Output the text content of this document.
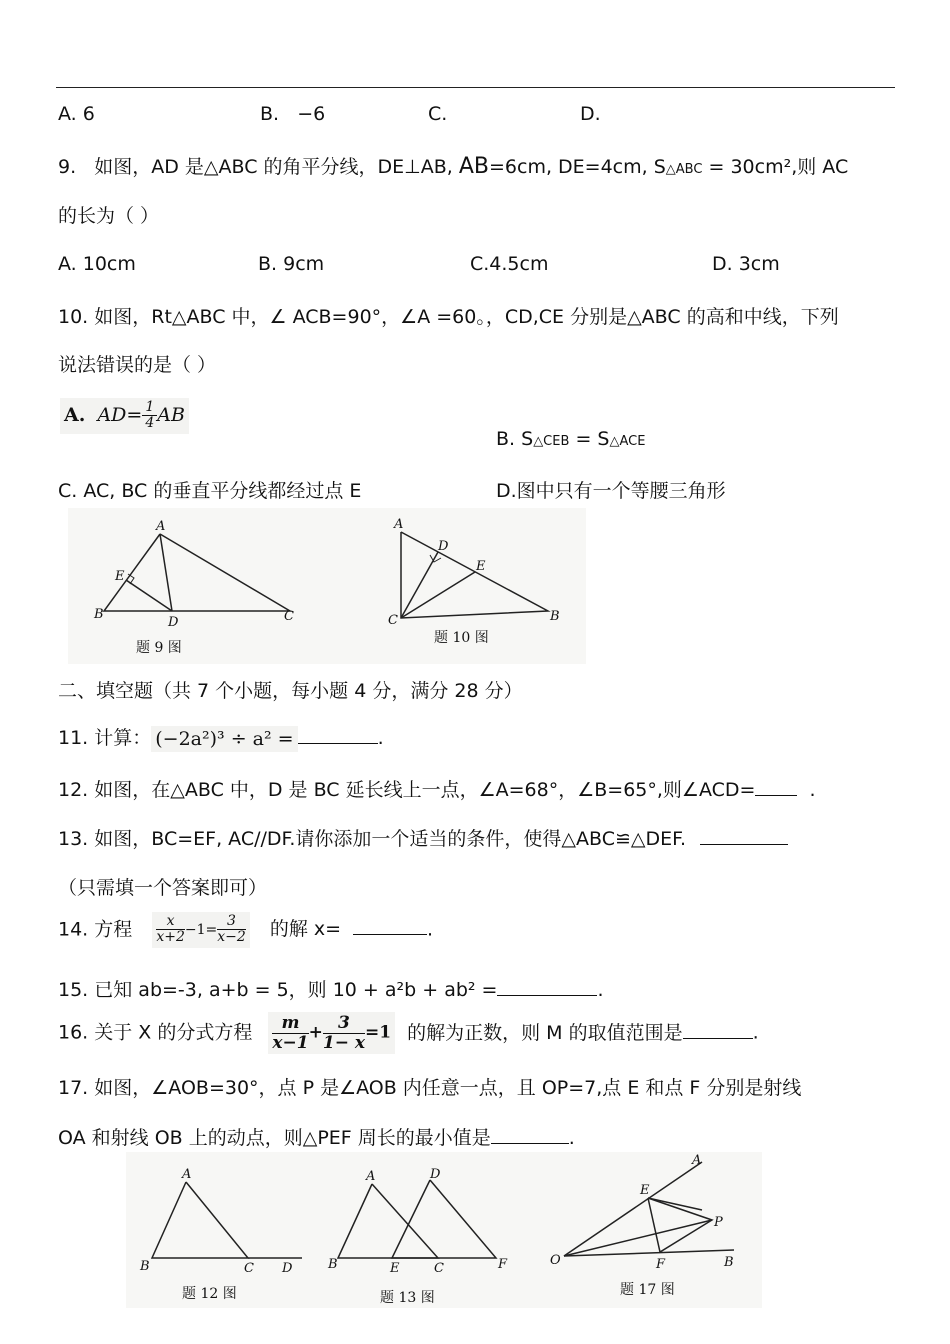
A. 6	B.   −6	C.	D.
9.   如图，AD 是△ABC 的角平分线，DE⊥AB, AB=6cm, DE=4cm, S△ABC = 30cm²,则 AC
的长为（ ）
A. 10cm	B. 9cm	C.4.5cm	D. 3cm
10. 如图，Rt△ABC 中，∠ ACB=90°，∠A =60。，CD,CE 分别是△ABC 的高和中线，下列
说法错误的是（ ）
A. $AD= \frac{1}{4}$ AB
B. S△CEB = S△ACE
C. AC, BC 的垂直平分线都经过点 E	D.图中只有一个等腰三角形
A
E
B
D	C
A
D
E
C	B
题 9 图
题 10 图
二、填空题（共 7 个小题，每小题 4 分，满分 28 分）
11. 计算： (−2a²)³ ÷ a² =	.
12. 如图，在△ABC 中，D 是 BC 延长线上一点，∠A=68°，∠B=65°,则∠ACD=	.
13. 如图，BC=EF, AC//DF.请你添加一个适当的条件，使得△ABC≌△DEF.
（只需填一个答案即可）
14. 方程 $\frac{x}{x+2} -1= \frac{3}{x-2}$ 的解 x=	.
15. 已知 ab=-3, a+b = 5，则 10 + a²b + ab² =	.
16. 关于 X 的分式方程 $\frac{m}{x-1} + \frac{3}{1- x} =1$ 的解为正数，则 M 的取值范围是	.
17. 如图，∠AOB=30°，点 P 是∠AOB 内任意一点，且 OP=7,点 E 和点 F 分别是射线
OA 和射线 OB 上的动点，则△PEF 周长的最小值是	.
A
B	C D
A	D
B	E	C	F
A
E
P
O	F	B
题 12 图	题 13 图	题 17 图
